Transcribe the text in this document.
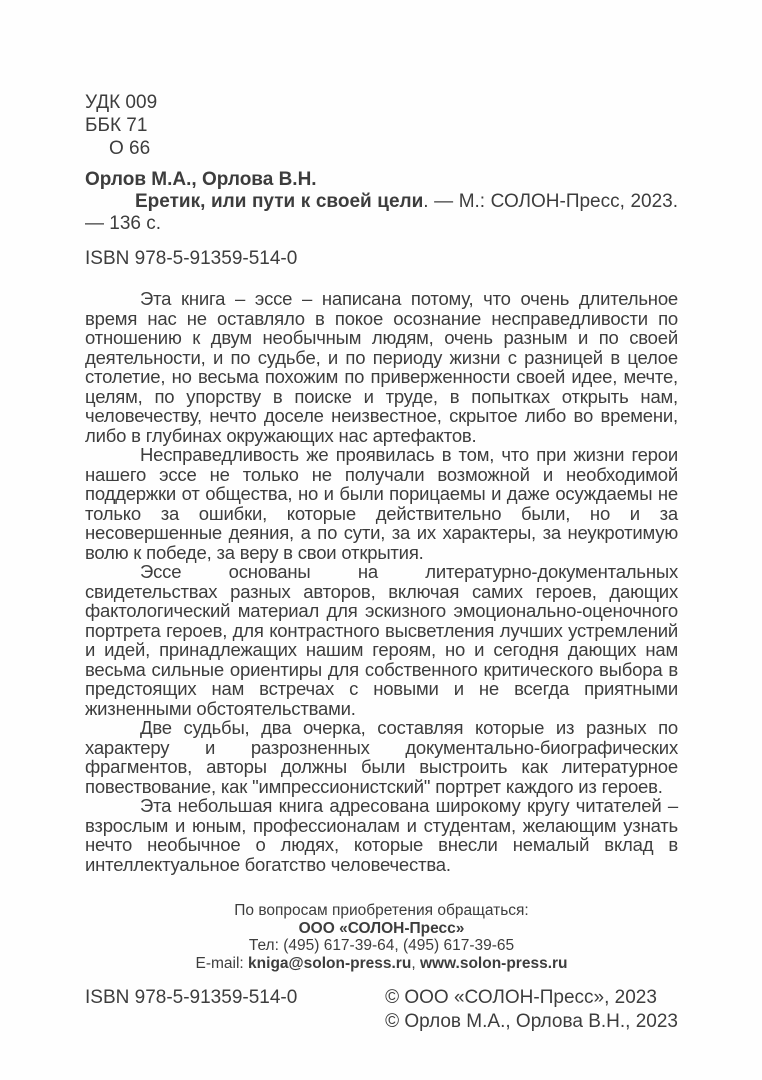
УДК 009
ББК 71
О 66
Орлов М.А., Орлова В.Н.

Еретик, или пути к своей цели. — М.: СОЛОН-Пресс, 2023. — 136 с.

ISBN 978-5-91359-514-0

Эта книга – эссе – написана потому, что очень длительное время нас не оставляло в покое осознание несправедливости по отношению к двум необычным людям, очень разным и по своей деятельности, и по судьбе, и по периоду жизни с разницей в целое столетие, но весьма похожим по приверженности своей идее, мечте, целям, по упорству в поиске и труде, в попытках открыть нам, человечеству, нечто доселе неизвестное, скрытое либо во времени, либо в глубинах окружающих нас артефактов.

Несправедливость же проявилась в том, что при жизни герои нашего эссе не только не получали возможной и необходимой поддержки от общества, но и были порицаемы и даже осуждаемы не только за ошибки, которые действительно были, но и за несовершенные деяния, а по сути, за их характеры, за неукротимую волю к победе, за веру в свои открытия.

Эссе основаны на литературно-документальных свидетельствах разных авторов, включая самих героев, дающих фактологический материал для эскизного эмоционально-оценочного портрета героев, для контрастного высветления лучших устремлений и идей, принадлежащих нашим героям, но и сегодня дающих нам весьма сильные ориентиры для собственного критического выбора в предстоящих нам встречах с новыми и не всегда приятными жизненными обстоятельствами.

Две судьбы, два очерка, составляя которые из разных по характеру и разрозненных документально-биографических фрагментов, авторы должны были выстроить как литературное повествование, как "импрессионистский" портрет каждого из героев.

Эта небольшая книга адресована широкому кругу читателей – взрослым и юным, профессионалам и студентам, желающим узнать нечто необычное о людях, которые внесли немалый вклад в интеллектуальное богатство человечества.

По вопросам приобретения обращаться:
ООО «СОЛОН-Пресс»
Тел: (495) 617-39-64, (495) 617-39-65
E-mail: kniga@solon-press.ru, www.solon-press.ru
ISBN 978-5-91359-514-0	© ООО «СОЛОН-Пресс», 2023
© Орлов М.А., Орлова В.Н., 2023
